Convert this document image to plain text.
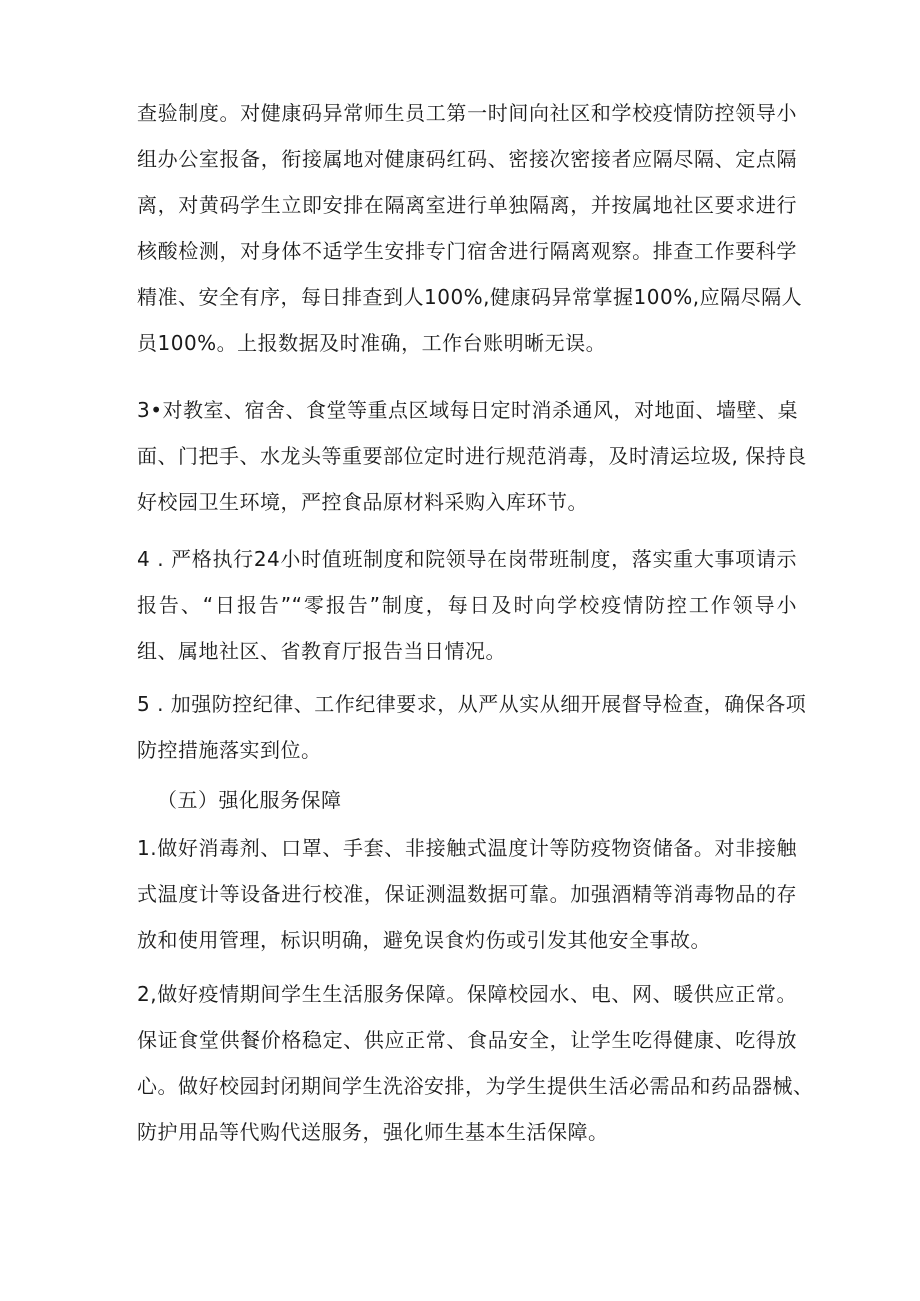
查验制度。对健康码异常师生员工第一时间向社区和学校疫情防控领导小
组办公室报备，衔接属地对健康码红码、密接次密接者应隔尽隔、定点隔
离，对黄码学生立即安排在隔离室进行单独隔离，并按属地社区要求进行
核酸检测，对身体不适学生安排专门宿舍进行隔离观察。排查工作要科学
精准、安全有序，每日排查到人100%,健康码异常掌握100%,应隔尽隔人
员100%。上报数据及时准确，工作台账明晰无误。
3•对教室、宿舍、食堂等重点区域每日定时消杀通风，对地面、墙壁、桌
面、门把手、水龙头等重要部位定时进行规范消毒，及时清运垃圾, 保持良
好校园卫生环境，严控食品原材料采购入库环节。
4 . 严格执行24小时值班制度和院领导在岗带班制度，落实重大事项请示
报告、“日报告”“零报告”制度，每日及时向学校疫情防控工作领导小
组、属地社区、省教育厅报告当日情况。
5 . 加强防控纪律、工作纪律要求，从严从实从细开展督导检查，确保各项
防控措施落实到位。
（五）强化服务保障
1.做好消毒剂、口罩、手套、非接触式温度计等防疫物资储备。对非接触
式温度计等设备进行校准，保证测温数据可靠。加强酒精等消毒物品的存
放和使用管理，标识明确，避免误食灼伤或引发其他安全事故。
2,做好疫情期间学生生活服务保障。保障校园水、电、网、暖供应正常。
保证食堂供餐价格稳定、供应正常、食品安全，让学生吃得健康、吃得放
心。做好校园封闭期间学生洗浴安排，为学生提供生活必需品和药品器械、
防护用品等代购代送服务，强化师生基本生活保障。
